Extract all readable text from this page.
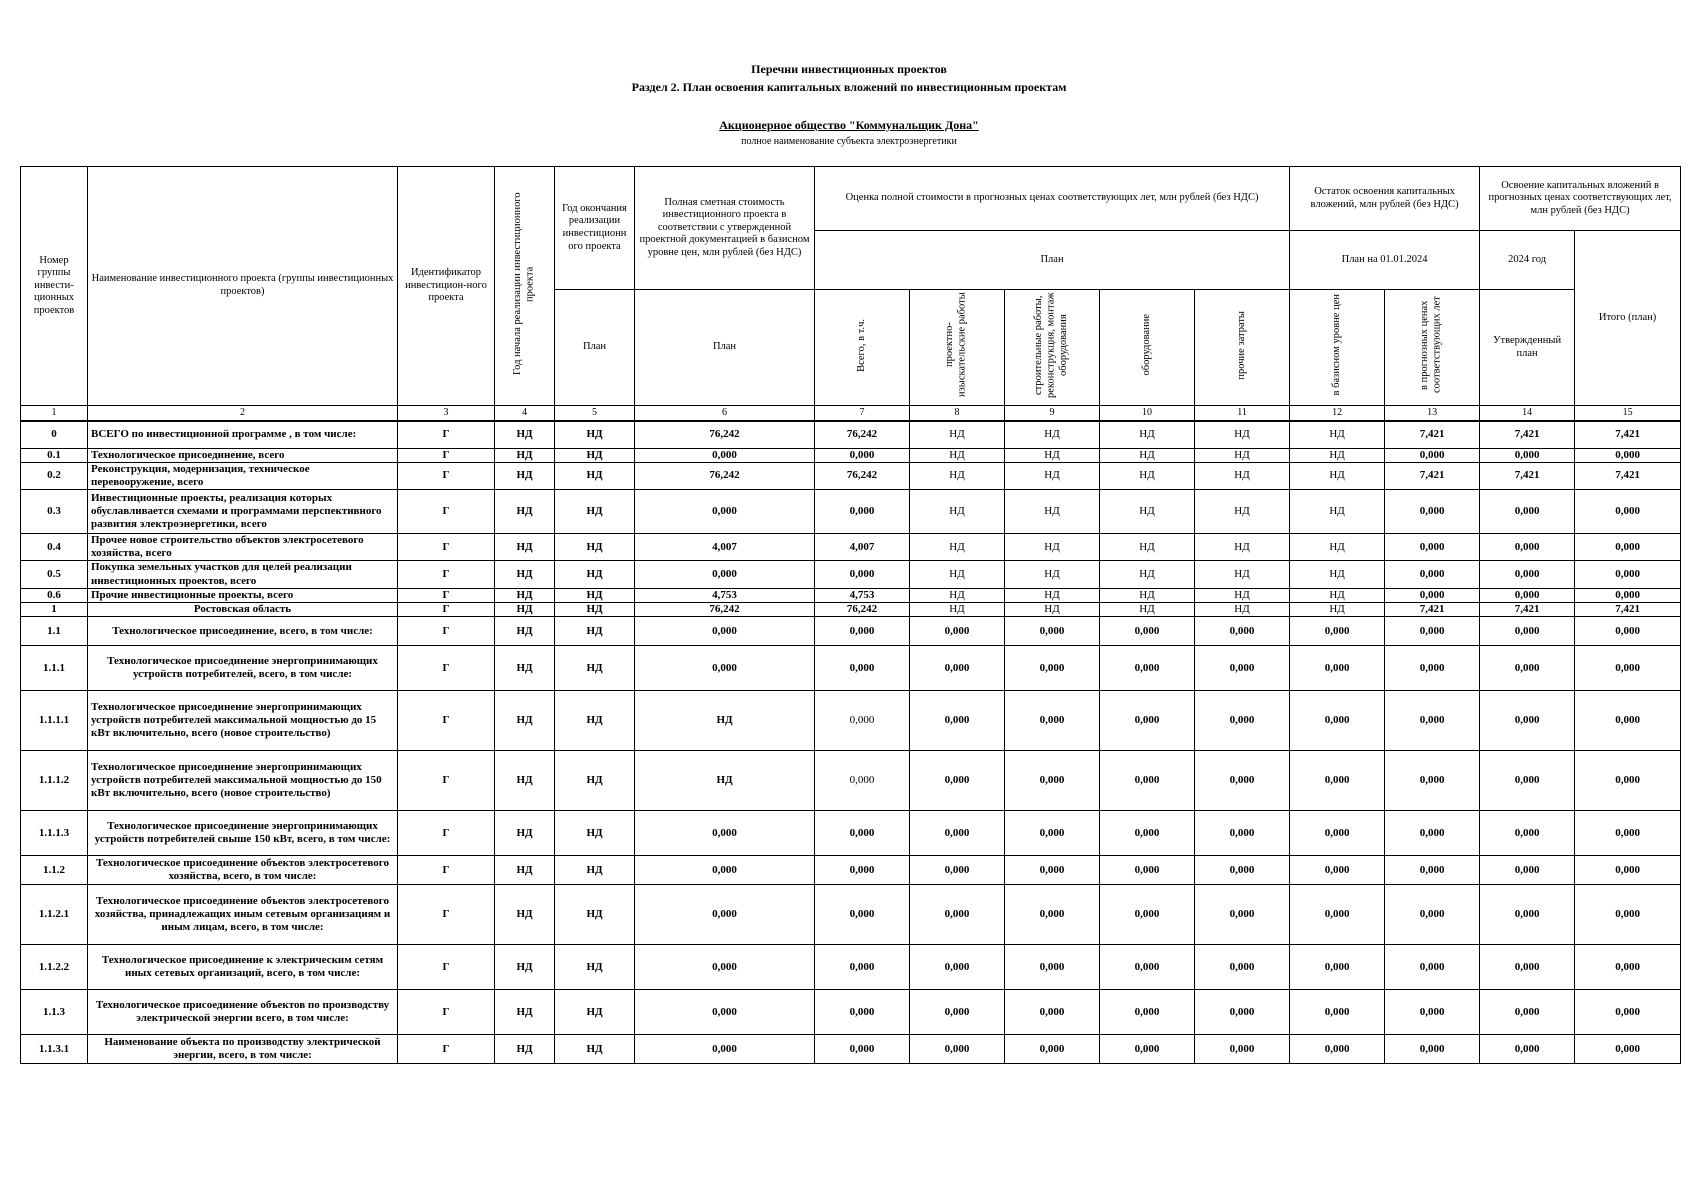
Перечни инвестиционных проектов
Раздел 2. План освоения капитальных вложений по инвестиционным проектам
Акционерное общество "Коммунальщик Дона"
полное наименование субъекта электроэнергетики
Номер группы инвести-ционных проектов	Наименование инвестиционного проекта (группы инвестиционных проектов)	Идентификатор инвестицион-ного проекта	Год начала реализации инвестиционного проекта	Год окончания реализации инвестиционн ого проекта	Полная сметная стоимость инвестиционного проекта в соответствии с утвержденной проектной документацией в базисном уровне цен, млн рублей (без НДС)	Оценка полной стоимости в прогнозных ценах соответствующих лет, млн рублей (без НДС)					Остаток освоения капитальных вложений, млн рублей (без НДС)		Освоение капитальных вложений в прогнозных ценах соответствующих лет, млн рублей (без НДС)	
						План					План на 01.01.2024		2024 год	Итого (план)
				План	План	Всего, в т.ч.	проектно-изыскательские работы	строительные работы, реконструкция, монтаж оборудования	оборудование	прочие затраты	в базисном уровне цен	в прогнозных ценах соответствующих лет	Утвержденный план	
1	2	3	4	5	6	7	8	9	10	11	12	13	14	15
0	ВСЕГО по инвестиционной программе , в том числе:	Г	НД	НД	76,242	76,242	НД	НД	НД	НД	НД	7,421	7,421	7,421
0.1	Технологическое присоединение, всего	Г	НД	НД	0,000	0,000	НД	НД	НД	НД	НД	0,000	0,000	0,000
0.2	Реконструкция, модернизация, техническое перевооружение, всего	Г	НД	НД	76,242	76,242	НД	НД	НД	НД	НД	7,421	7,421	7,421
0.3	Инвестиционные проекты, реализация которых обуславливается схемами и программами перспективного развития электроэнергетики, всего	Г	НД	НД	0,000	0,000	НД	НД	НД	НД	НД	0,000	0,000	0,000
0.4	Прочее новое строительство объектов электросетевого хозяйства, всего	Г	НД	НД	4,007	4,007	НД	НД	НД	НД	НД	0,000	0,000	0,000
0.5	Покупка земельных участков для целей реализации инвестиционных проектов, всего	Г	НД	НД	0,000	0,000	НД	НД	НД	НД	НД	0,000	0,000	0,000
0.6	Прочие инвестиционные проекты, всего	Г	НД	НД	4,753	4,753	НД	НД	НД	НД	НД	0,000	0,000	0,000
1	Ростовская область	Г	НД	НД	76,242	76,242	НД	НД	НД	НД	НД	7,421	7,421	7,421
1.1	Технологическое присоединение, всего, в том числе:	Г	НД	НД	0,000	0,000	0,000	0,000	0,000	0,000	0,000	0,000	0,000	0,000
1.1.1	Технологическое присоединение энергопринимающих устройств потребителей, всего, в том числе:	Г	НД	НД	0,000	0,000	0,000	0,000	0,000	0,000	0,000	0,000	0,000	0,000
1.1.1.1	Технологическое присоединение энергопринимающих устройств потребителей максимальной мощностью до 15 кВт включительно, всего (новое строительство)	Г	НД	НД	НД	0,000	0,000	0,000	0,000	0,000	0,000	0,000	0,000	0,000
1.1.1.2	Технологическое присоединение энергопринимающих устройств потребителей максимальной мощностью до 150 кВт включительно, всего (новое строительство)	Г	НД	НД	НД	0,000	0,000	0,000	0,000	0,000	0,000	0,000	0,000	0,000
1.1.1.3	Технологическое присоединение энергопринимающих устройств потребителей свыше 150 кВт, всего, в том числе:	Г	НД	НД	0,000	0,000	0,000	0,000	0,000	0,000	0,000	0,000	0,000	0,000
1.1.2	Технологическое присоединение объектов электросетевого хозяйства, всего, в том числе:	Г	НД	НД	0,000	0,000	0,000	0,000	0,000	0,000	0,000	0,000	0,000	0,000
1.1.2.1	Технологическое присоединение объектов электросетевого хозяйства, принадлежащих иным сетевым организациям и иным лицам, всего, в том числе:	Г	НД	НД	0,000	0,000	0,000	0,000	0,000	0,000	0,000	0,000	0,000	0,000
1.1.2.2	Технологическое присоединение к электрическим сетям иных сетевых организаций, всего, в том числе:	Г	НД	НД	0,000	0,000	0,000	0,000	0,000	0,000	0,000	0,000	0,000	0,000
1.1.3	Технологическое присоединение объектов по производству электрической энергии всего, в том числе:	Г	НД	НД	0,000	0,000	0,000	0,000	0,000	0,000	0,000	0,000	0,000	0,000
1.1.3.1	Наименование объекта по производству электрической энергии, всего, в том числе:	Г	НД	НД	0,000	0,000	0,000	0,000	0,000	0,000	0,000	0,000	0,000	0,000
